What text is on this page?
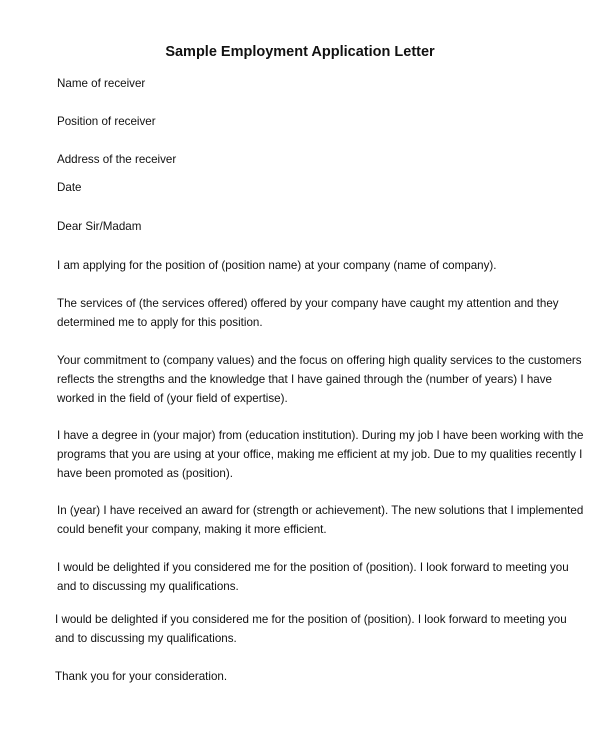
Sample Employment Application Letter
Name of receiver
Position of receiver
Address of the receiver
Date
Dear Sir/Madam
I am applying for the position of (position name) at your company (name of company).
The services of (the services offered) offered by your company have caught my attention and they
determined me to apply for this position.
Your commitment to (company values) and the focus on offering high quality services to the customers
reflects the strengths and the knowledge that I have gained through the (number of years) I have
worked in the field of (your field of expertise).
I have a degree in (your major) from (education institution). During my job I have been working with the
programs that you are using at your office, making me efficient at my job. Due to my qualities recently I
have been promoted as (position).
In (year) I have received an award for (strength or achievement). The new solutions that I implemented
could benefit your company, making it more efficient.
I would be delighted if you considered me for the position of (position). I look forward to meeting you
and to discussing my qualifications.
I would be delighted if you considered me for the position of (position). I look forward to meeting you
and to discussing my qualifications.
Thank you for your consideration.
